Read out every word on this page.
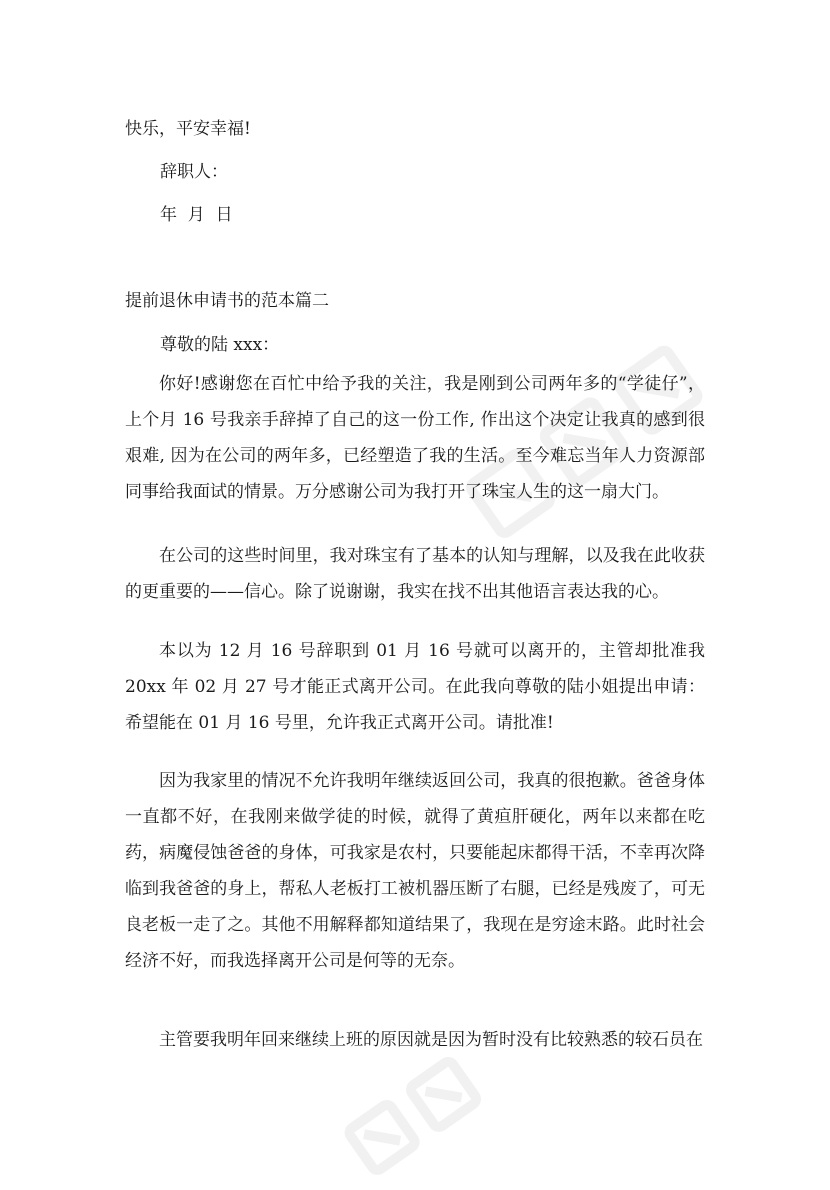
快乐，平安幸福!
辞职人：
年  月  日
提前退休申请书的范本篇二
尊敬的陆 xxx：
你好!感谢您在百忙中给予我的关注，我是刚到公司两年多的“学徒仔”，上个月 16 号我亲手辞掉了自己的这一份工作, 作出这个决定让我真的感到很艰难, 因为在公司的两年多，已经塑造了我的生活。至今难忘当年人力资源部同事给我面试的情景。万分感谢公司为我打开了珠宝人生的这一扇大门。
在公司的这些时间里，我对珠宝有了基本的认知与理解，以及我在此收获的更重要的——信心。除了说谢谢，我实在找不出其他语言表达我的心。
本以为 12 月 16 号辞职到 01 月 16 号就可以离开的，主管却批准我 20xx 年 02 月 27 号才能正式离开公司。在此我向尊敬的陆小姐提出申请：希望能在 01 月 16 号里，允许我正式离开公司。请批准!
因为我家里的情况不允许我明年继续返回公司，我真的很抱歉。爸爸身体一直都不好，在我刚来做学徒的时候，就得了黄疸肝硬化，两年以来都在吃药，病魔侵蚀爸爸的身体，可我家是农村，只要能起床都得干活，不幸再次降临到我爸爸的身上，帮私人老板打工被机器压断了右腿，已经是残废了，可无良老板一走了之。其他不用解释都知道结果了，我现在是穷途末路。此时社会经济不好，而我选择离开公司是何等的无奈。
主管要我明年回来继续上班的原因就是因为暂时没有比较熟悉的较石员在
